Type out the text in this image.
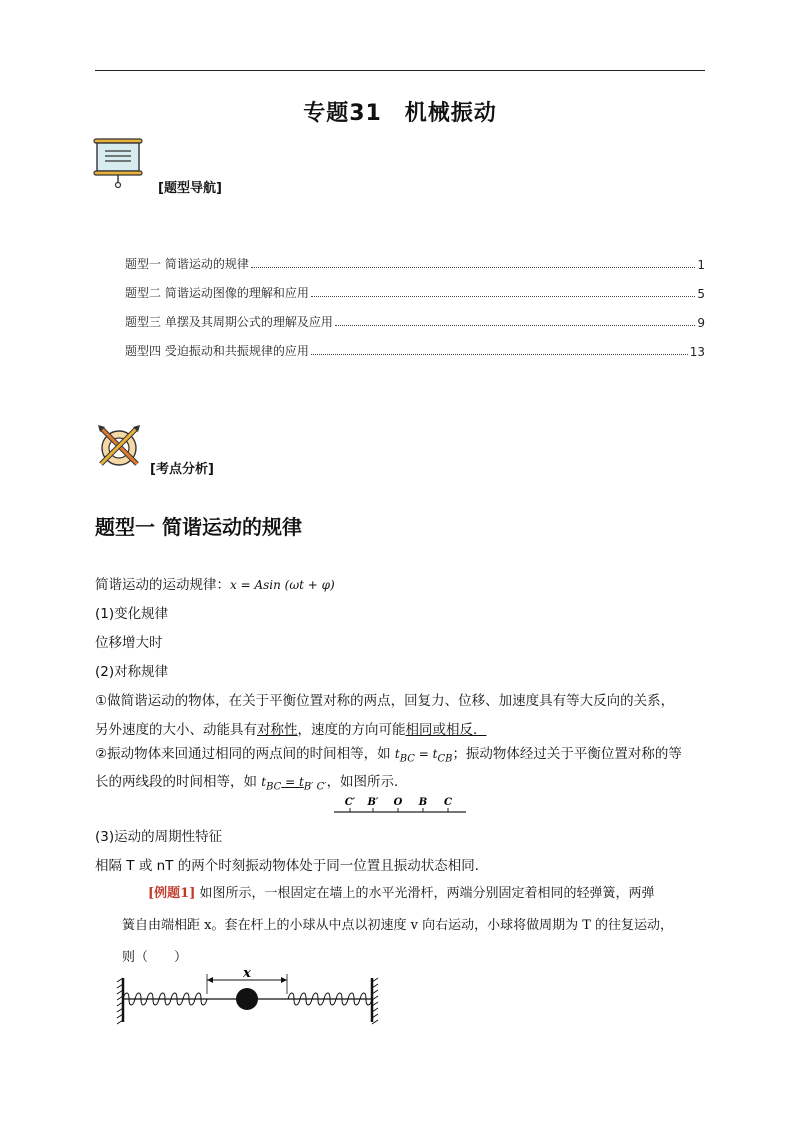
专题31　机械振动
[题型导航]
题型一 简谐运动的规律	1
题型二 简谐运动图像的理解和应用	5
题型三 单摆及其周期公式的理解及应用	9
题型四 受迫振动和共振规律的应用	13
[考点分析]
题型一 简谐运动的规律
简谐运动的运动规律：x = Asin (ωt + φ)
(1)变化规律
位移增大时
(2)对称规律
①做简谐运动的物体，在关于平衡位置对称的两点，回复力、位移、加速度具有等大反向的关系，
另外速度的大小、动能具有对称性，速度的方向可能相同或相反．
②振动物体来回通过相同的两点间的时间相等，如 $t_{BC} = t_{CB}$；振动物体经过关于平衡位置对称的等
长的两线段的时间相等，如 $t_{BC} = t_{B' C'}$，如图所示．
C′ B′ O B C
(3)运动的周期性特征
相隔 T 或 nT 的两个时刻振动物体处于同一位置且振动状态相同．
[例题1] 如图所示，一根固定在墙上的水平光滑杆，两端分别固定着相同的轻弹簧，两弹
簧自由端相距 x。套在杆上的小球从中点以初速度 v 向右运动，小球将做周期为 T 的往复运动，
则（　　）
x
